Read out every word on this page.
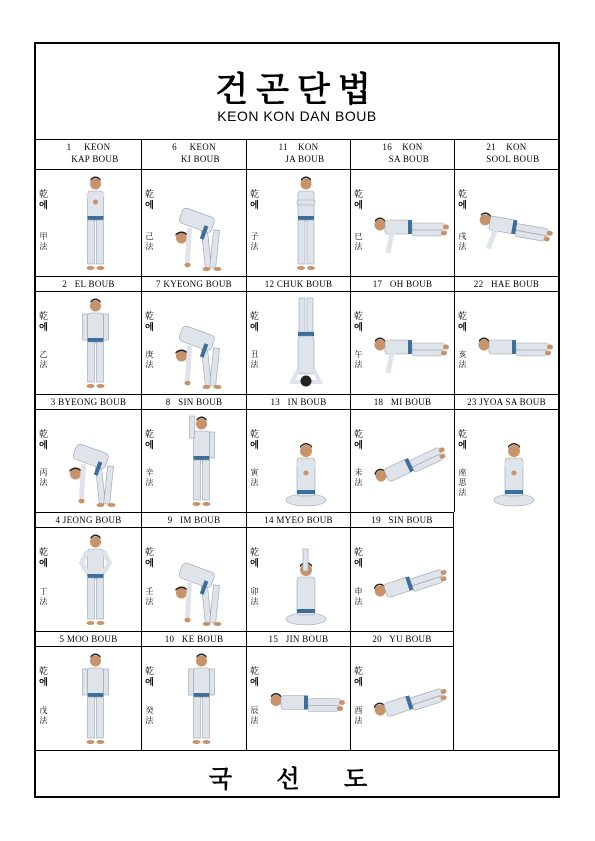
건곤단법
KEON KON DAN BOUB
국 선 도
1     KEON
KAP BOUB
乾
에
甲
法
6     KEON
KI BOUB
乾
에
己
法
11    KON
JA BOUB
乾
에
子
法
16    KON
SA BOUB
乾
에
巳
法
21    KON
SOOL BOUB
乾
에
戌
法
2   EL BOUB
乾
에
乙
法
7 KYEONG BOUB
乾
에
庚
法
12 CHUK BOUB
乾
에
丑
法
17   OH BOUB
乾
에
午
法
22   HAE BOUB
乾
에
亥
法
3 BYEONG BOUB
乾
에
丙
法
8   SIN BOUB
乾
에
辛
法
13   IN BOUB
乾
에
寅
法
18   MI BOUB
乾
에
未
法
23 JYOA SA BOUB
乾
에
座
思
法
4 JEONG BOUB
乾
에
丁
法
9   IM BOUB
乾
에
壬
法
14 MYEO BOUB
乾
에
卯
法
19   SIN BOUB
乾
에
申
法
5 MOO BOUB
乾
에
戊
法
10   KE BOUB
乾
에
癸
法
15   JIN BOUB
乾
에
辰
法
20   YU BOUB
乾
에
酉
法
